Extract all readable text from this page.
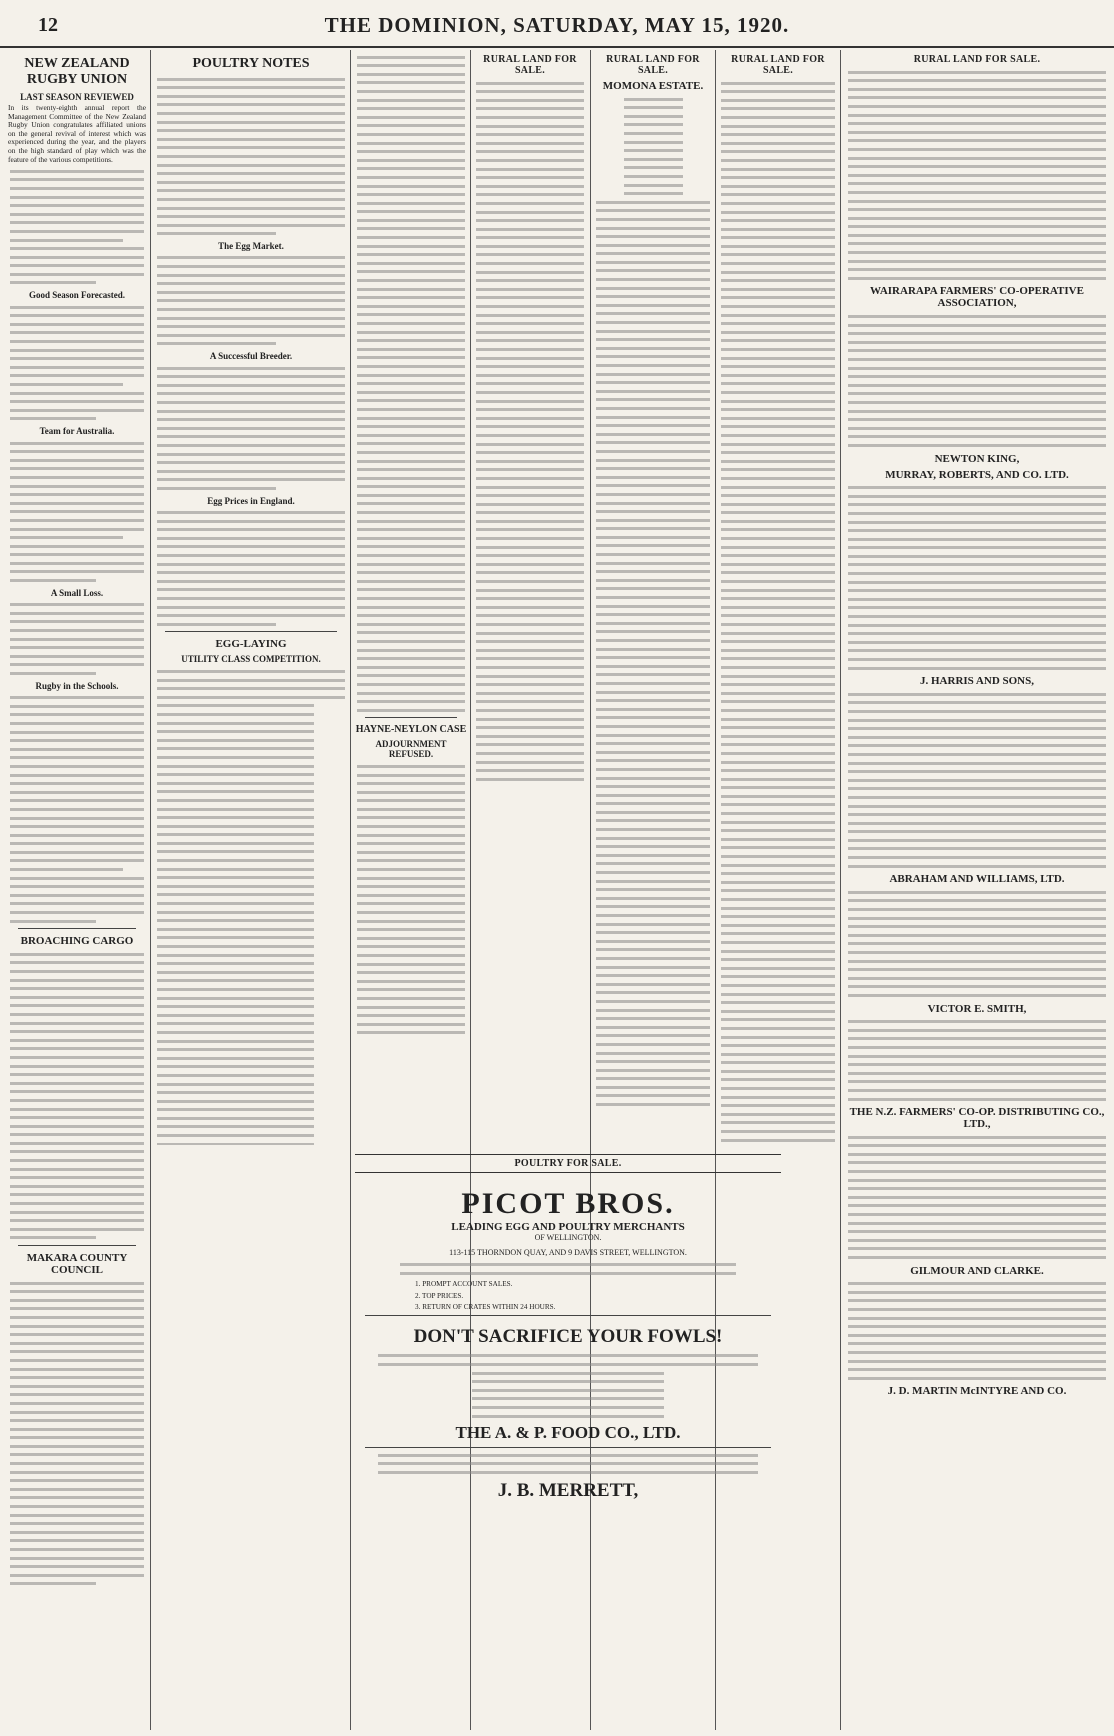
12	THE DOMINION, SATURDAY, MAY 15, 1920.
NEW ZEALAND RUGBY UNION
LAST SEASON REVIEWED

In its twenty-eighth annual report the Management Committee of the New Zealand Rugby Union congratulates affiliated unions on the general revival of interest which was experienced during the year, and the players on the high standard of play which was the feature of the various competitions.

Good Season Forecasted.
Team for Australia.
A Small Loss.
Rugby in the Schools.
BROACHING CARGO
MAKARA COUNTY COUNCIL
POULTRY NOTES
The Egg Market.
A Successful Breeder.
Egg Prices in England.
EGG-LAYING
UTILITY CLASS COMPETITION.
HAYNE-NEYLON CASE
ADJOURNMENT REFUSED.
RURAL LAND FOR SALE.
RURAL LAND FOR SALE.
MOMONA ESTATE.
RURAL LAND FOR SALE.
RURAL LAND FOR SALE.
WAIRARAPA FARMERS' CO-OPERATIVE ASSOCIATION,
NEWTON KING,
MURRAY, ROBERTS, AND CO. LTD.
J. HARRIS AND SONS,
ABRAHAM AND WILLIAMS, LTD.
VICTOR E. SMITH,
THE N.Z. FARMERS' CO-OP. DISTRIBUTING CO., LTD.,
GILMOUR AND CLARKE.
J. D. MARTIN McINTYRE AND CO.
POULTRY FOR SALE.
PICOT BROS.
LEADING EGG AND POULTRY MERCHANTS
OF WELLINGTON.
113-115 THORNDON QUAY, AND 9 DAVIS STREET, WELLINGTON.
1. PROMPT ACCOUNT SALES.
2. TOP PRICES.
3. RETURN OF CRATES WITHIN 24 HOURS.
DON'T SACRIFICE YOUR FOWLS!
THE A. & P. FOOD CO., LTD.
J. B. MERRETT,
